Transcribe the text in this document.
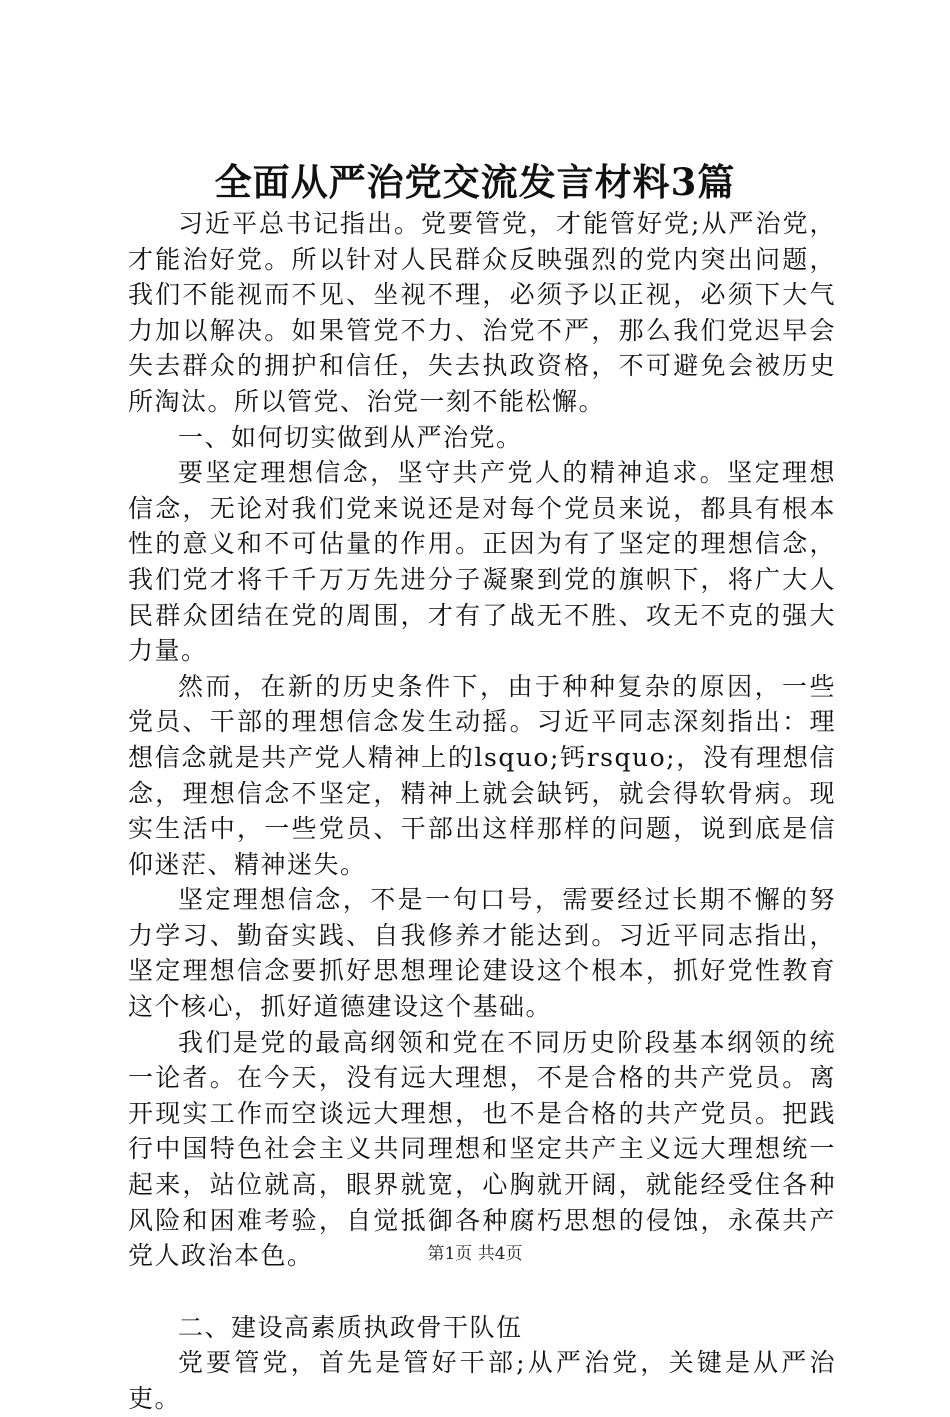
全面从严治党交流发言材料3篇

习近平总书记指出。党要管党，才能管好党;从严治党，才能治好党。所以针对人民群众反映强烈的党内突出问题，我们不能视而不见、坐视不理，必须予以正视，必须下大气力加以解决。如果管党不力、治党不严，那么我们党迟早会失去群众的拥护和信任，失去执政资格，不可避免会被历史所淘汰。所以管党、治党一刻不能松懈。

一、如何切实做到从严治党。

要坚定理想信念，坚守共产党人的精神追求。坚定理想信念，无论对我们党来说还是对每个党员来说，都具有根本性的意义和不可估量的作用。正因为有了坚定的理想信念，我们党才将千千万万先进分子凝聚到党的旗帜下，将广大人民群众团结在党的周围，才有了战无不胜、攻无不克的强大力量。

然而，在新的历史条件下，由于种种复杂的原因，一些党员、干部的理想信念发生动摇。习近平同志深刻指出：理想信念就是共产党人精神上的lsquo;钙rsquo;，没有理想信念，理想信念不坚定，精神上就会缺钙，就会得软骨病。现实生活中，一些党员、干部出这样那样的问题，说到底是信仰迷茫、精神迷失。

坚定理想信念，不是一句口号，需要经过长期不懈的努力学习、勤奋实践、自我修养才能达到。习近平同志指出，坚定理想信念要抓好思想理论建设这个根本，抓好党性教育这个核心，抓好道德建设这个基础。

我们是党的最高纲领和党在不同历史阶段基本纲领的统一论者。在今天，没有远大理想，不是合格的共产党员。离开现实工作而空谈远大理想，也不是合格的共产党员。把践行中国特色社会主义共同理想和坚定共产主义远大理想统一起来，站位就高，眼界就宽，心胸就开阔，就能经受住各种风险和困难考验，自觉抵御各种腐朽思想的侵蚀，永葆共产党人政治本色。

二、建设高素质执政骨干队伍

党要管党，首先是管好干部;从严治党，关键是从严治吏。

第1页 共4页
